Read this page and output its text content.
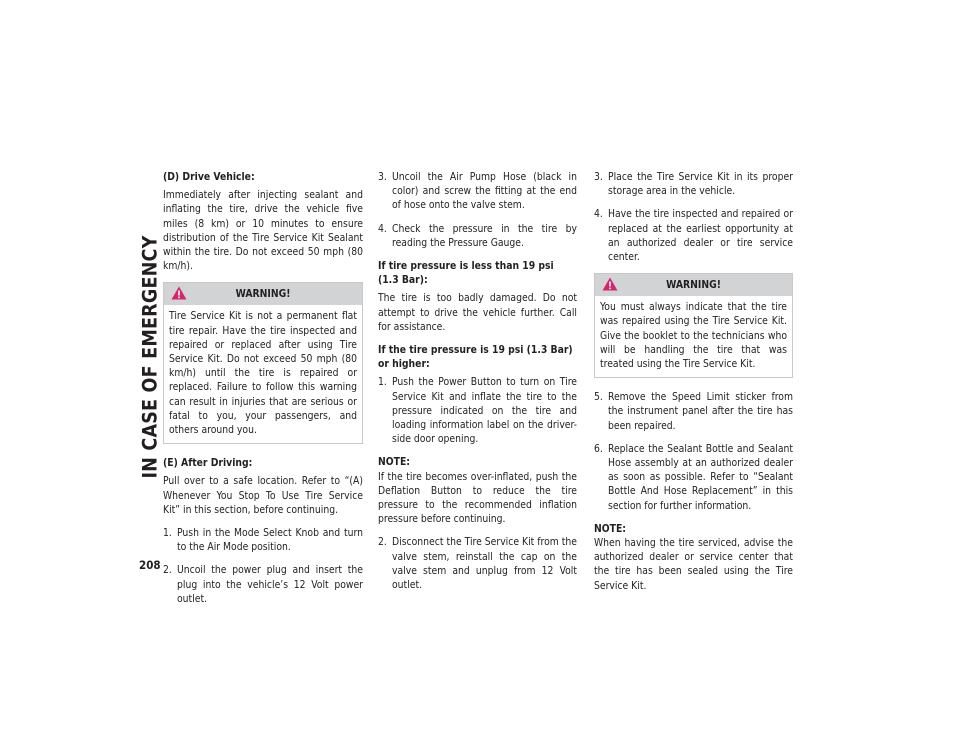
IN CASE OF EMERGENCY
208

(D) Drive Vehicle:

Immediately after injecting sealant and inflating the tire, drive the vehicle five miles (8 km) or 10 minutes to ensure distribution of the Tire Service Kit Sealant within the tire. Do not exceed 50 mph (80 km/h).

WARNING!
Tire Service Kit is not a permanent flat tire repair. Have the tire inspected and repaired or replaced after using Tire Service Kit. Do not exceed 50 mph (80 km/h) until the tire is repaired or replaced. Failure to follow this warning can result in injuries that are serious or fatal to you, your passengers, and others around you.

(E) After Driving:

Pull over to a safe location. Refer to “(A) Whenever You Stop To Use Tire Service Kit” in this section, before continuing.

1. Push in the Mode Select Knob and turn to the Air Mode position.
2. Uncoil the power plug and insert the plug into the vehicle’s 12 Volt power outlet.
3. Uncoil the Air Pump Hose (black in color) and screw the fitting at the end of hose onto the valve stem.
4. Check the pressure in the tire by reading the Pressure Gauge.

If tire pressure is less than 19 psi (1.3 Bar):

The tire is too badly damaged. Do not attempt to drive the vehicle further. Call for assistance.

If the tire pressure is 19 psi (1.3 Bar) or higher:

1. Push the Power Button to turn on Tire Service Kit and inflate the tire to the pressure indicated on the tire and loading information label on the driver-side door opening.

NOTE:

If the tire becomes over-inflated, push the Deflation Button to reduce the tire pressure to the recommended inflation pressure before continuing.

2. Disconnect the Tire Service Kit from the valve stem, reinstall the cap on the valve stem and unplug from 12 Volt outlet.
3. Place the Tire Service Kit in its proper storage area in the vehicle.
4. Have the tire inspected and repaired or replaced at the earliest opportunity at an authorized dealer or tire service center.
WARNING!
You must always indicate that the tire was repaired using the Tire Service Kit. Give the booklet to the technicians who will be handling the tire that was treated using the Tire Service Kit.
5. Remove the Speed Limit sticker from the instrument panel after the tire has been repaired.
6. Replace the Sealant Bottle and Sealant Hose assembly at an authorized dealer as soon as possible. Refer to “Sealant Bottle And Hose Replacement” in this section for further information.

NOTE:

When having the tire serviced, advise the authorized dealer or service center that the tire has been sealed using the Tire Service Kit.
